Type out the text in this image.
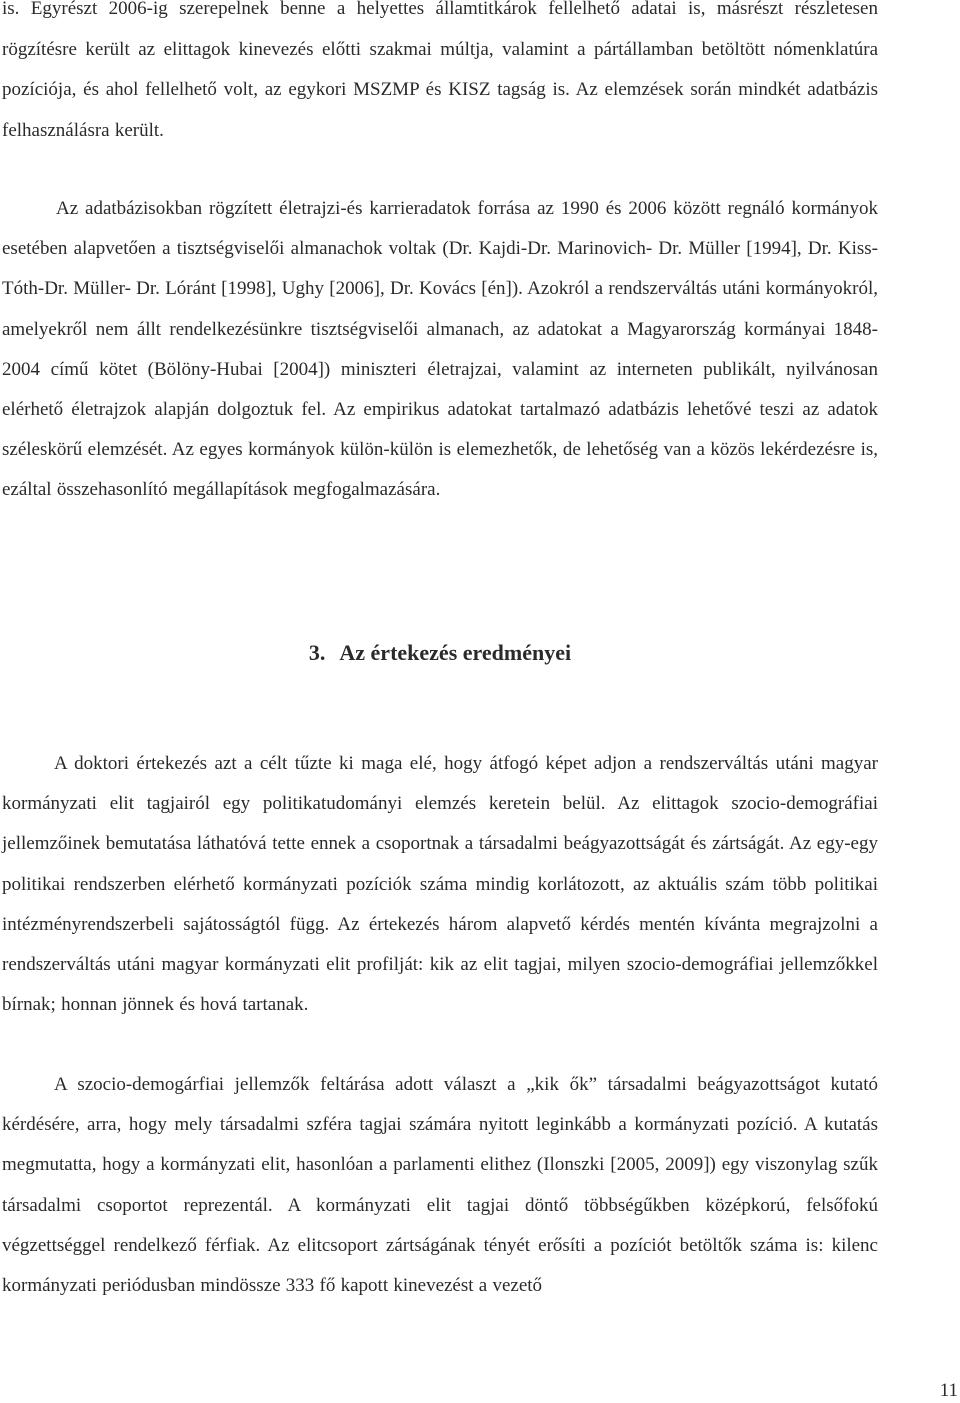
is. Egyrészt 2006-ig szerepelnek benne a helyettes államtitkárok fellelhető adatai is, másrészt részletesen rögzítésre került az elittagok kinevezés előtti szakmai múltja, valamint a pártállamban betöltött nómenklatúra pozíciója, és ahol fellelhető volt, az egykori MSZMP és KISZ tagság is. Az elemzések során mindkét adatbázis felhasználásra került.

Az adatbázisokban rögzített életrajzi-és karrieradatok forrása az 1990 és 2006 között regnáló kormányok esetében alapvetően a tisztségviselői almanachok voltak (Dr. Kajdi-Dr. Marinovich- Dr. Müller [1994], Dr. Kiss-Tóth-Dr. Müller- Dr. Lóránt [1998], Ughy [2006], Dr. Kovács [én]). Azokról a rendszerváltás utáni kormányokról, amelyekről nem állt rendelkezésünkre tisztségviselői almanach, az adatokat a Magyarország kormányai 1848-2004 című kötet (Bölöny-Hubai [2004]) miniszteri életrajzai, valamint az interneten publikált, nyilvánosan elérhető életrajzok alapján dolgoztuk fel. Az empirikus adatokat tartalmazó adatbázis lehetővé teszi az adatok széleskörű elemzését. Az egyes kormányok külön-külön is elemezhetők, de lehetőség van a közös lekérdezésre is, ezáltal összehasonlító megállapítások megfogalmazására.

3. Az értekezés eredményei

A doktori értekezés azt a célt tűzte ki maga elé, hogy átfogó képet adjon a rendszerváltás utáni magyar kormányzati elit tagjairól egy politikatudományi elemzés keretein belül. Az elittagok szocio-demográfiai jellemzőinek bemutatása láthatóvá tette ennek a csoportnak a társadalmi beágyazottságát és zártságát. Az egy-egy politikai rendszerben elérhető kormányzati pozíciók száma mindig korlátozott, az aktuális szám több politikai intézményrendszerbeli sajátosságtól függ. Az értekezés három alapvető kérdés mentén kívánta megrajzolni a rendszerváltás utáni magyar kormányzati elit profilját: kik az elit tagjai, milyen szocio-demográfiai jellemzőkkel bírnak; honnan jönnek és hová tartanak.

A szocio-demogárfiai jellemzők feltárása adott választ a „kik ők” társadalmi beágyazottságot kutató kérdésére, arra, hogy mely társadalmi szféra tagjai számára nyitott leginkább a kormányzati pozíció. A kutatás megmutatta, hogy a kormányzati elit, hasonlóan a parlamenti elithez (Ilonszki [2005, 2009]) egy viszonylag szűk társadalmi csoportot reprezentál. A kormányzati elit tagjai döntő többségűkben középkorú, felsőfokú végzettséggel rendelkező férfiak. Az elitcsoport zártságának tényét erősíti a pozíciót betöltők száma is: kilenc kormányzati periódusban mindössze 333 fő kapott kinevezést a vezető

11
